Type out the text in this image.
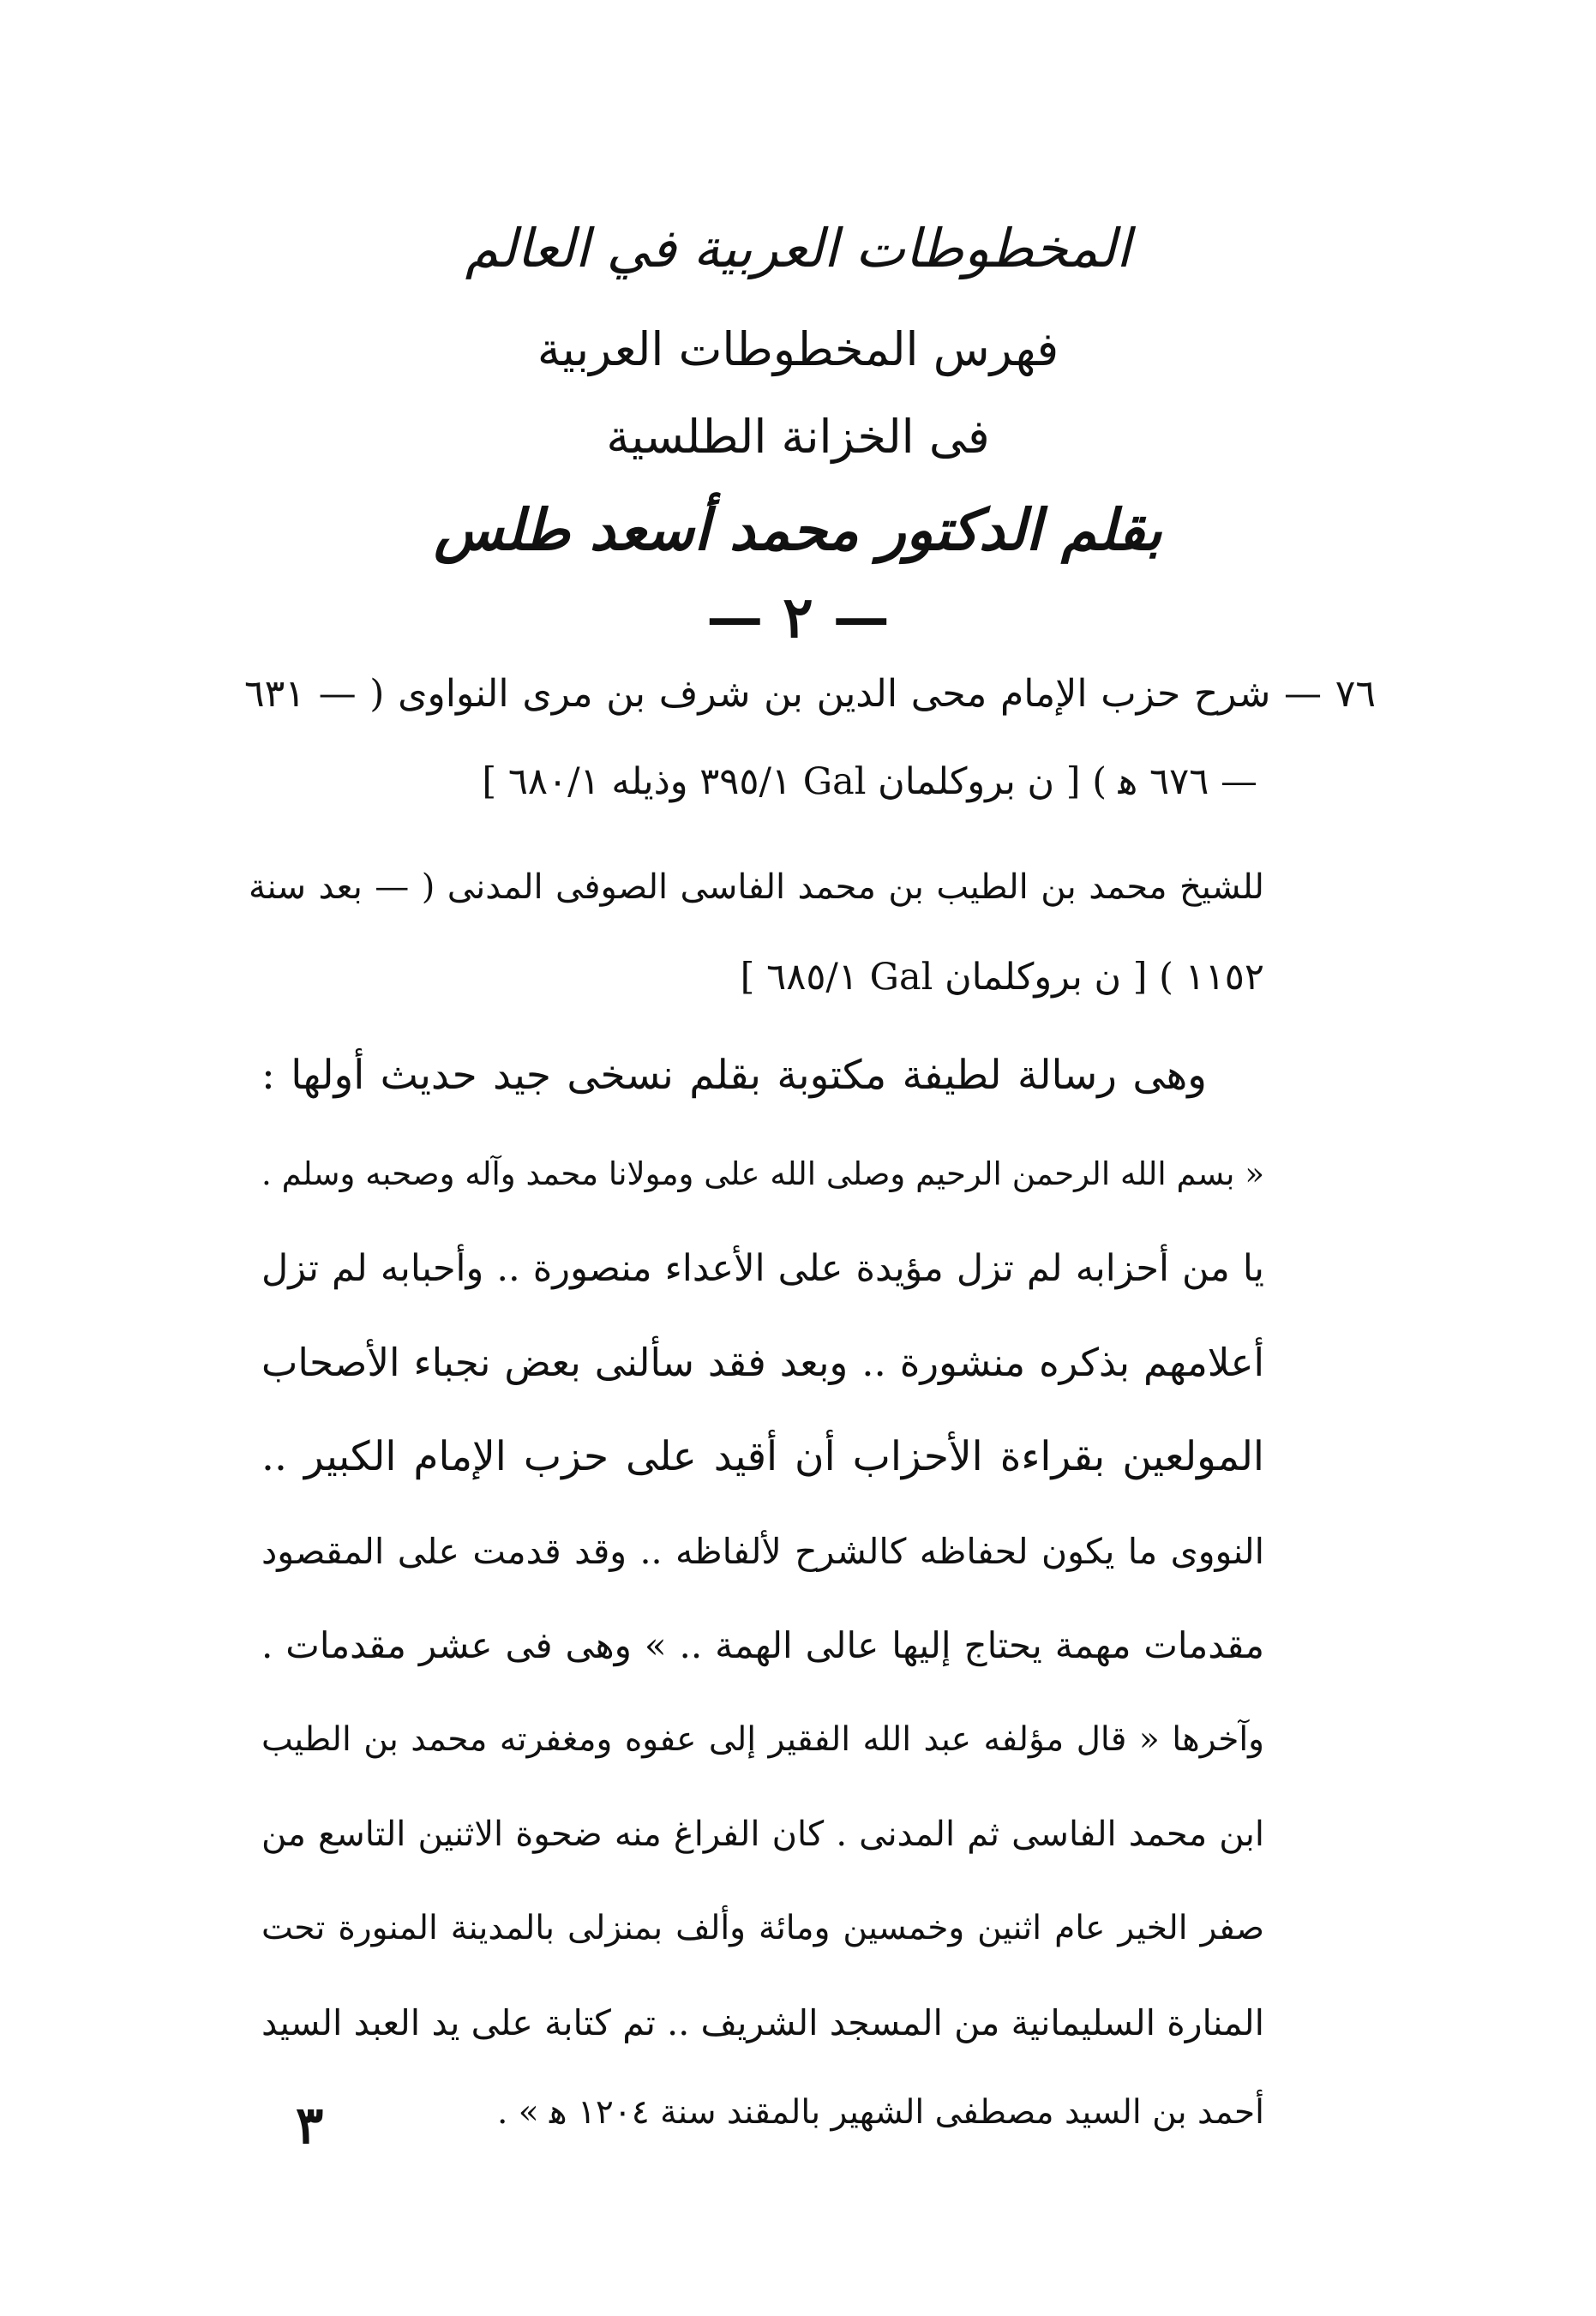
المخطوطات العربية في العالم
فهرس المخطوطات العربية
فى الخزانة الطلسية
بقلم الدكتور محمد أسعد طلس
— ٢ —
٧٦ — شرح حزب الإمام محى الدين بن شرف بن مرى النواوى ( — ٦٣١
— ٦٧٦ ﻫ ) [ ن بروكلمان Gal ٣٩٥/١ وذيله ٦٨٠/١ ]
للشيخ محمد بن الطيب بن محمد الفاسى الصوفى المدنى ( — بعد سنة
١١٥٢ ) [ ن بروكلمان Gal ٦٨٥/١ ]
وهى رسالة لطيفة مكتوبة بقلم نسخى جيد حديث أولها :
« بسم الله الرحمن الرحيم وصلى الله على ومولانا محمد وآله وصحبه وسلم .
يا من أحزابه لم تزل مؤيدة على الأعداء منصورة .. وأحبابه لم تزل
أعلامهم بذكره منشورة .. وبعد فقد سألنى بعض نجباء الأصحاب
المولعين بقراءة الأحزاب أن أقيد على حزب الإمام الكبير ..
النووى ما يكون لحفاظه كالشرح لألفاظه .. وقد قدمت على المقصود
مقدمات مهمة يحتاج إليها عالى الهمة .. » وهى فى عشر مقدمات .
وآخرها « قال مؤلفه عبد الله الفقير إلى عفوه ومغفرته محمد بن الطيب
ابن محمد الفاسى ثم المدنى . كان الفراغ منه ضحوة الاثنين التاسع من
صفر الخير عام اثنين وخمسين ومائة وألف بمنزلى بالمدينة المنورة تحت
المنارة السليمانية من المسجد الشريف .. تم كتابة على يد العبد السيد
أحمد بن السيد مصطفى الشهير بالمقند سنة ١٢٠٤ ﻫ » .
٣
